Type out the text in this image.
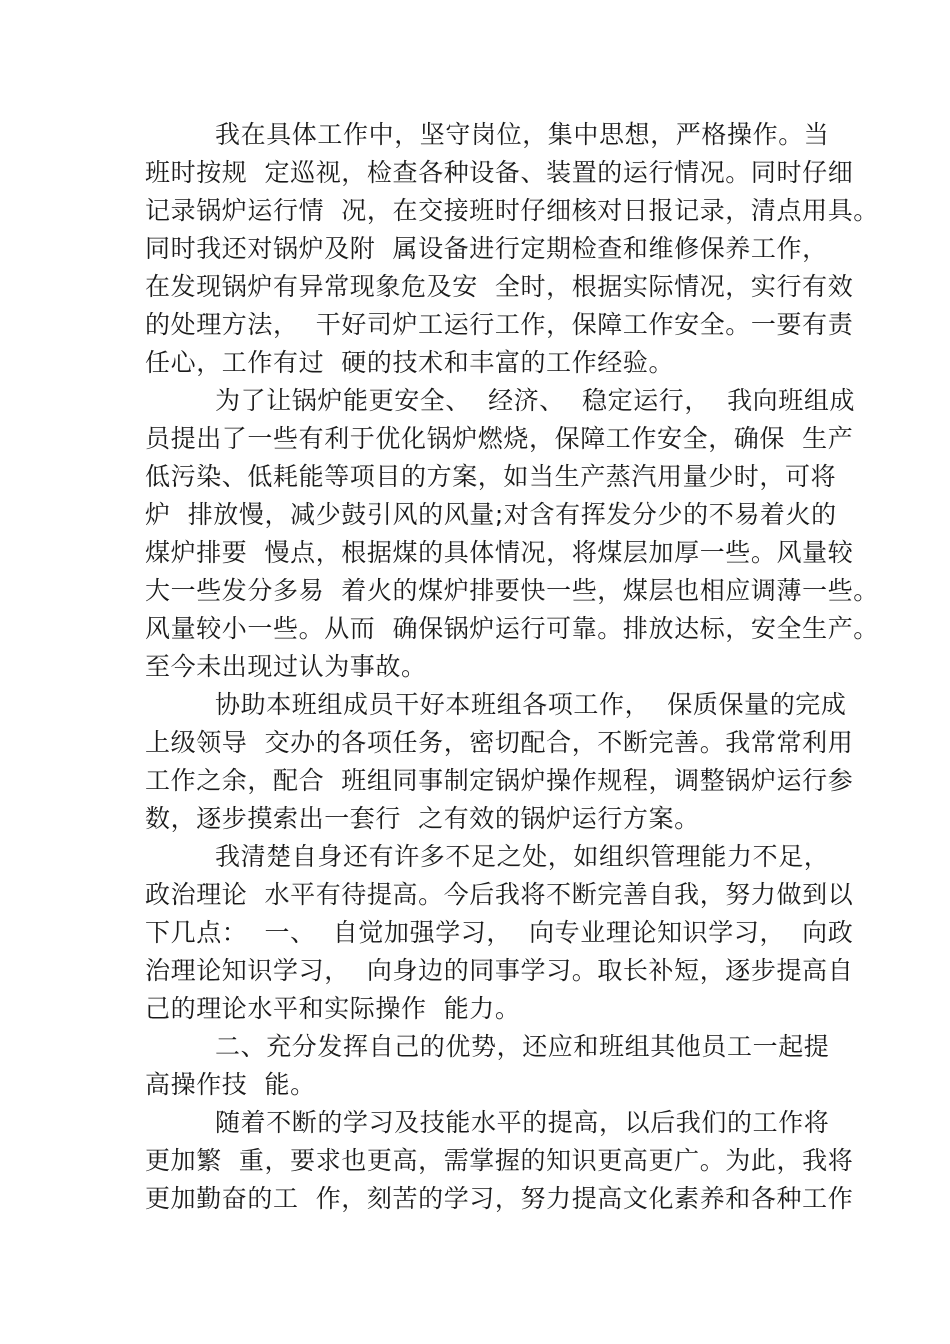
我在具体工作中，坚守岗位，集中思想，严格操作。当
班时按规  定巡视，检查各种设备、装置的运行情况。同时仔细
记录锅炉运行情  况，在交接班时仔细核对日报记录，清点用具。
同时我还对锅炉及附  属设备进行定期检查和维修保养工作，
在发现锅炉有异常现象危及安  全时，根据实际情况，实行有效
的处理方法，  干好司炉工运行工作，保障工作安全。一要有责
任心，工作有过  硬的技术和丰富的工作经验。
为了让锅炉能更安全、  经济、  稳定运行，  我向班组成
员提出了一些有利于优化锅炉燃烧，保障工作安全，确保  生产
低污染、低耗能等项目的方案，如当生产蒸汽用量少时，可将
炉  排放慢，减少鼓引风的风量;对含有挥发分少的不易着火的
煤炉排要  慢点，根据煤的具体情况，将煤层加厚一些。风量较
大一些发分多易  着火的煤炉排要快一些，煤层也相应调薄一些。
风量较小一些。从而  确保锅炉运行可靠。排放达标，安全生产。
至今未出现过认为事故。
协助本班组成员干好本班组各项工作，  保质保量的完成
上级领导  交办的各项任务，密切配合，不断完善。我常常利用
工作之余，配合  班组同事制定锅炉操作规程，调整锅炉运行参
数，逐步摸索出一套行  之有效的锅炉运行方案。
我清楚自身还有许多不足之处，如组织管理能力不足，
政治理论  水平有待提高。今后我将不断完善自我，努力做到以
下几点：  一、  自觉加强学习，  向专业理论知识学习，  向政
治理论知识学习，  向身边的同事学习。取长补短，逐步提高自
己的理论水平和实际操作  能力。
二、充分发挥自己的优势，还应和班组其他员工一起提
高操作技  能。
随着不断的学习及技能水平的提高，以后我们的工作将
更加繁  重，要求也更高，需掌握的知识更高更广。为此，我将
更加勤奋的工  作，刻苦的学习，努力提高文化素养和各种工作
